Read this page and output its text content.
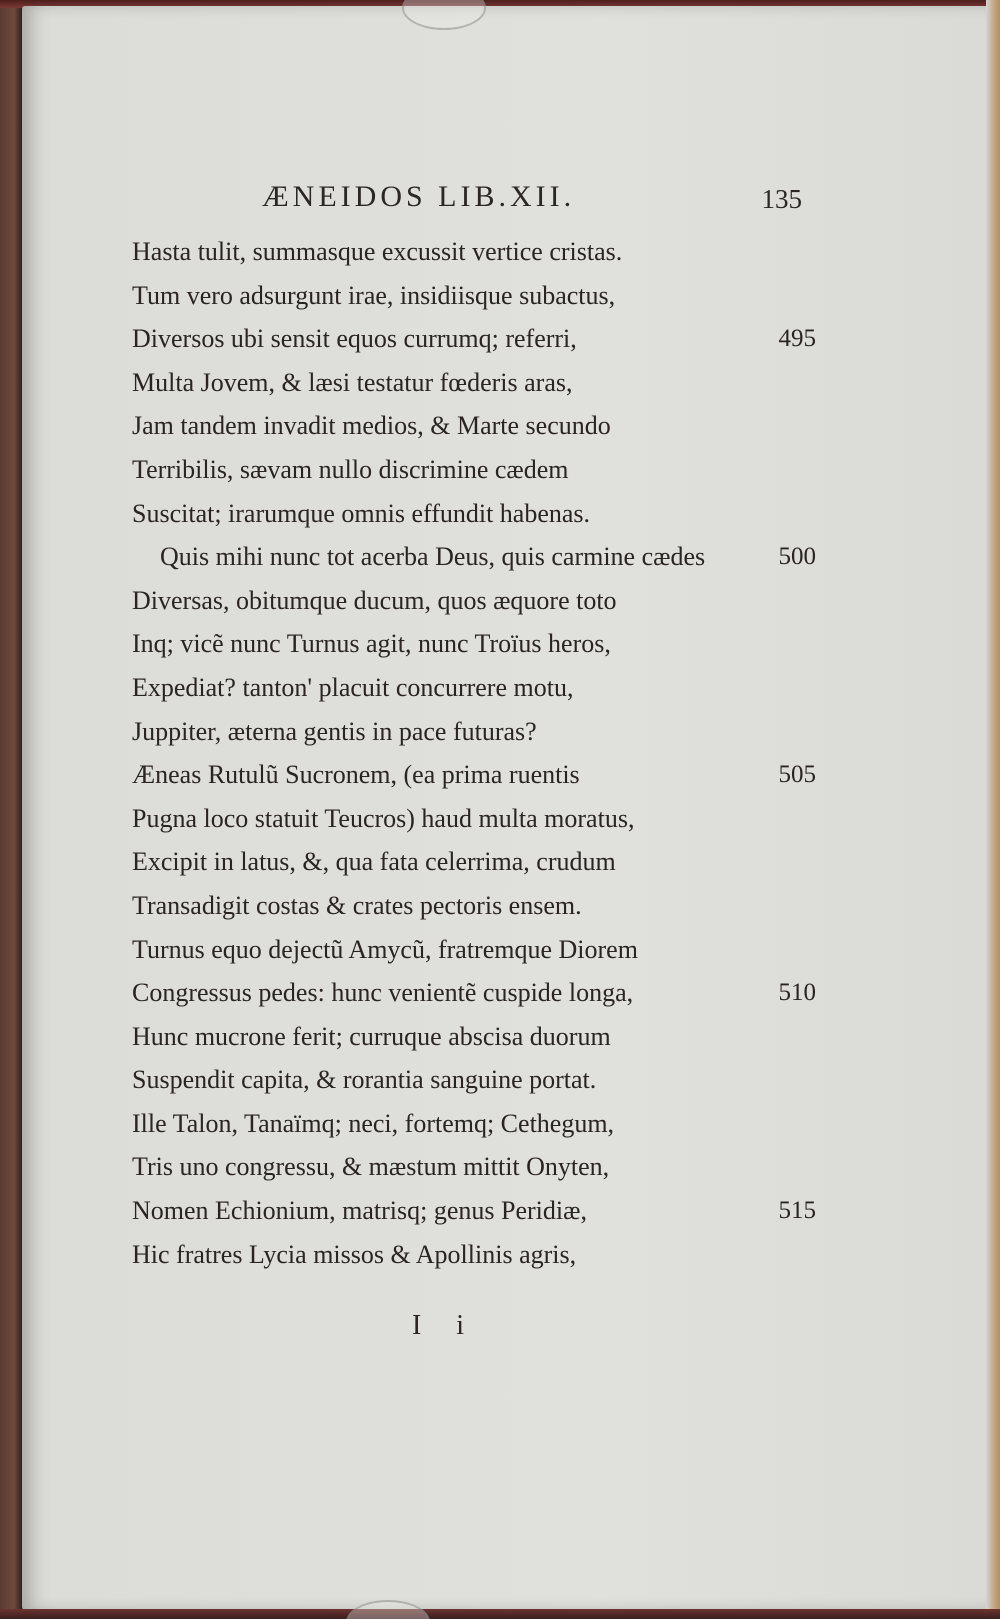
ÆNEIDOS LIB.XII.	135
Hasta tulit, summasque excussit vertice cristas.
Tum vero adsurgunt irae, insidiisque subactus,
Diversos ubi sensit equos currumq; referri,	495
Multa Jovem, & læsi testatur fœderis aras,
Jam tandem invadit medios, & Marte secundo
Terribilis, sævam nullo discrimine cædem
Suscitat; irarumque omnis effundit habenas.
Quis mihi nunc tot acerba Deus, quis carmine cædes	500
Diversas, obitumque ducum, quos æquore toto
Inq; vicẽ nunc Turnus agit, nunc Troïus heros,
Expediat? tanton' placuit concurrere motu,
Juppiter, æterna gentis in pace futuras?
Æneas Rutulũ Sucronem, (ea prima ruentis	505
Pugna loco statuit Teucros) haud multa moratus,
Excipit in latus, &, qua fata celerrima, crudum
Transadigit costas & crates pectoris ensem.
Turnus equo dejectũ Amycũ, fratremque Diorem
Congressus pedes: hunc venientẽ cuspide longa,	510
Hunc mucrone ferit; curruque abscisa duorum
Suspendit capita, & rorantia sanguine portat.
Ille Talon, Tanaïmq; neci, fortemq; Cethegum,
Tris uno congressu, & mæstum mittit Onyten,
Nomen Echionium, matrisq; genus Peridiæ,	515
Hic fratres Lycia missos & Apollinis agris,
I i
